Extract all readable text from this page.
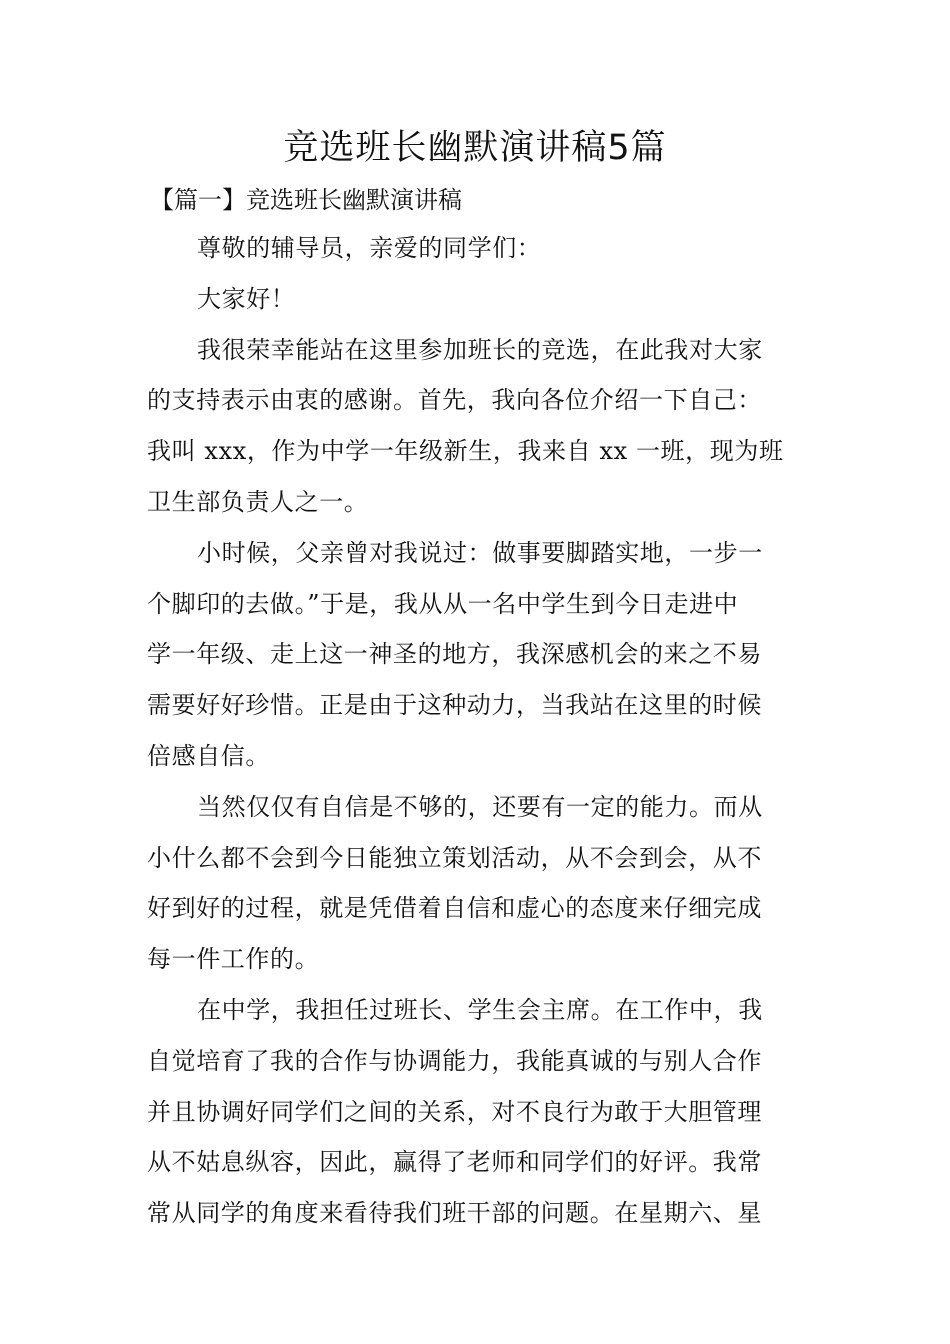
竞选班长幽默演讲稿5篇
【篇一】竞选班长幽默演讲稿
尊敬的辅导员，亲爱的同学们：
大家好！
我很荣幸能站在这里参加班长的竞选，在此我对大家
的支持表示由衷的感谢。首先，我向各位介绍一下自己：
我叫 xxx，作为中学一年级新生，我来自 xx 一班，现为班
卫生部负责人之一。
小时候，父亲曾对我说过：做事要脚踏实地，一步一
个脚印的去做。”于是，我从从一名中学生到今日走进中
学一年级、走上这一神圣的地方，我深感机会的来之不易
需要好好珍惜。正是由于这种动力，当我站在这里的时候
倍感自信。
当然仅仅有自信是不够的，还要有一定的能力。而从
小什么都不会到今日能独立策划活动，从不会到会，从不
好到好的过程，就是凭借着自信和虚心的态度来仔细完成
每一件工作的。
在中学，我担任过班长、学生会主席。在工作中，我
自觉培育了我的合作与协调能力，我能真诚的与别人合作
并且协调好同学们之间的关系，对不良行为敢于大胆管理
从不姑息纵容，因此，赢得了老师和同学们的好评。我常
常从同学的角度来看待我们班干部的问题。在星期六、星
